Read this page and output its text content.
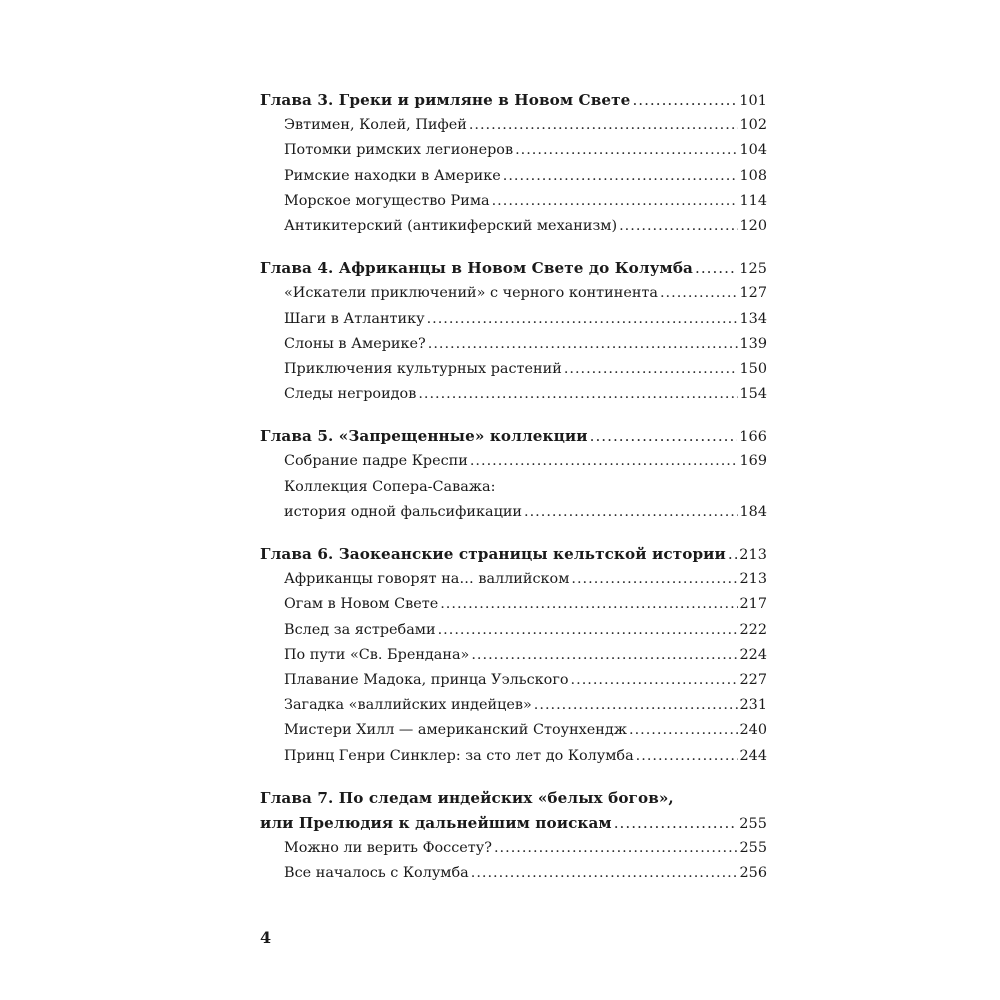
Глава 3. Греки и римляне в Новом Свете .....	101
Эвтимен, Колей, Пифей .....	102
Потомки римских легионеров .....	104
Римские находки в Америке .....	108
Морское могущество Рима .....	114
Антикитерский (антикиферский механизм) .....	120
Глава 4. Африканцы в Новом Свете до Колумба .....	125
«Искатели приключений» с черного континента .....	127
Шаги в Атлантику .....	134
Слоны в Америке? .....	139
Приключения культурных растений .....	150
Следы негроидов .....	154
Глава 5. «Запрещенные» коллекции .....	166
Собрание падре Креспи .....	169
Коллекция Сопера-Саважа:
история одной фальсификации .....	184
Глава 6. Заокеанские страницы кельтской истории ..... 213
Африканцы говорят на… валлийском .....	213
Огам в Новом Свете .....	217
Вслед за ястребами .....	222
По пути «Св. Брендана» .....	224
Плавание Мадока, принца Уэльского .....	227
Загадка «валлийских индейцев» .....	231
Мистери Хилл — американский Стоунхендж .....	240
Принц Генри Синклер: за сто лет до Колумба .....	244
Глава 7. По следам индейских «белых богов»,
или Прелюдия к дальнейшим поискам .....	255
Можно ли верить Фоссету? .....	255
Все началось с Колумба .....	256
4
